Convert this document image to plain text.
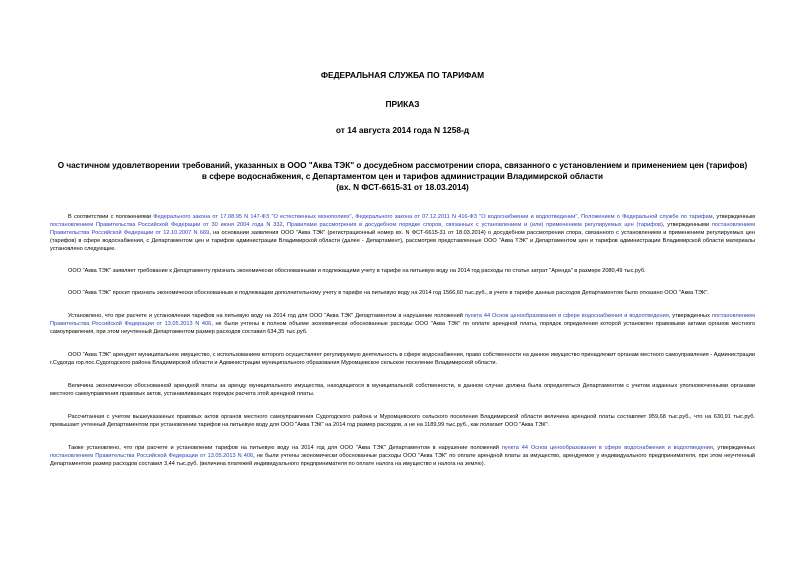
ФЕДЕРАЛЬНАЯ СЛУЖБА ПО ТАРИФАМ
ПРИКАЗ
от 14 августа 2014 года N 1258-д
О частичном удовлетворении требований, указанных в ООО "Аква ТЭК" о досудебном рассмотрении спора, связанного с установлением и применением цен (тарифов) в сфере водоснабжения, с Департаментом цен и тарифов администрации Владимирской области
(вх. N ФСТ-6615-31 от 18.03.2014)

В соответствии с положениями Федерального закона от 17.08.95 N 147-ФЗ "О естественных монополиях", Федерального закона от 07.12.2011 N 416-ФЗ "О водоснабжении и водоотведении", Положением о Федеральной службе по тарифам, утвержденным постановлением Правительства Российской Федерации от 30 июня 2004 года N 332, Правилами рассмотрения в досудебном порядке споров, связанных с установлением и (или) применением регулируемых цен (тарифов), утвержденными постановлением Правительства Российской Федерации от 12.10.2007 N 669, на основании заявления ООО "Аква ТЭК" (регистрационный номер вх. N ФСТ-6615-31 от 18.03.2014) о досудебном рассмотрении спора, связанного с установлением и применением регулируемых цен (тарифов) в сфере водоснабжения, с Департаментом цен и тарифов администрации Владимирской области (далее - Департамент), рассмотрев представленные ООО "Аква ТЭК" и Департаментом цен и тарифов администрации Владимирской области материалы установлено следующее.

ООО "Аква ТЭК" заявляет требование к Департаменту признать экономически обоснованными и подлежащими учету в тарифе на питьевую воду на 2014 год расходы по статье затрат "Аренда" в размере 2080,49 тыс.руб.

ООО "Аква ТЭК" просит признать экономически обоснованным и подлежащим дополнительному учету в тарифе на питьевую воду на 2014 год 1566,60 тыс.руб., в учете в тарифе данных расходов Департаментом было отказано ООО "Аква ТЭК".

Установлено, что при расчете и установлении тарифов на питьевую воду на 2014 год для ООО "Аква ТЭК" Департаментом в нарушение положений пункта 44 Основ ценообразования в сфере водоснабжения и водоотведения, утвержденных постановлением Правительства Российской Федерации от 13.05.2013 N 406, не были учтены в полном объеме экономически обоснованные расходы ООО "Аква ТЭК" по оплате арендной платы, порядок определения которой установлен правовыми актами органов местного самоуправления, при этом неучтенный Департаментом размер расходов составил 634,35 тыс.руб.

ООО "Аква ТЭК" арендует муниципальное имущество, с использованием которого осуществляет регулируемую деятельность в сфере водоснабжения, право собственности на данное имущество принадлежит органам местного самоуправления - Администрации г.Судогда гор.пос.Судогодского района Владимирской области и Администрации муниципального образования Муромцевское сельское поселение Владимирской области.

Величина экономически обоснованной арендной платы за аренду муниципального имущества, находящегося в муниципальной собственности, в данном случае должна была определяться Департаментом с учетом изданных уполномоченными органами местного самоуправления правовых актов, устанавливающих порядок расчета этой арендной платы.

Рассчитанная с учетом вышеуказанных правовых актов органов местного самоуправления Судогодского района и Муромцевского сельского поселения Владимирской области величина арендной платы составляет 959,68 тыс.руб., что на 630,91 тыс.руб. превышает учтенный Департаментом при установлении тарифов на питьевую воду для ООО "Аква ТЭК" на 2014 год размер расходов, а не на 1189,99 тыс.руб., как полагает ООО "Аква ТЭК".

Также установлено, что при расчете и установлении тарифов на питьевую воду на 2014 год для ООО "Аква ТЭК" Департаментом в нарушение положений пункта 44 Основ ценообразования в сфере водоснабжения и водоотведения, утвержденных постановлением Правительства Российской Федерации от 13.05.2013 N 406, не были учтены экономически обоснованные расходы ООО "Аква ТЭК" по оплате арендной платы за имущество, арендуемое у индивидуального предпринимателя, при этом неучтенный Департаментом размер расходов составил 3,44 тыс.руб. (величина платежей индивидуального предпринимателя по оплате налога на имущество и налога на землю).
